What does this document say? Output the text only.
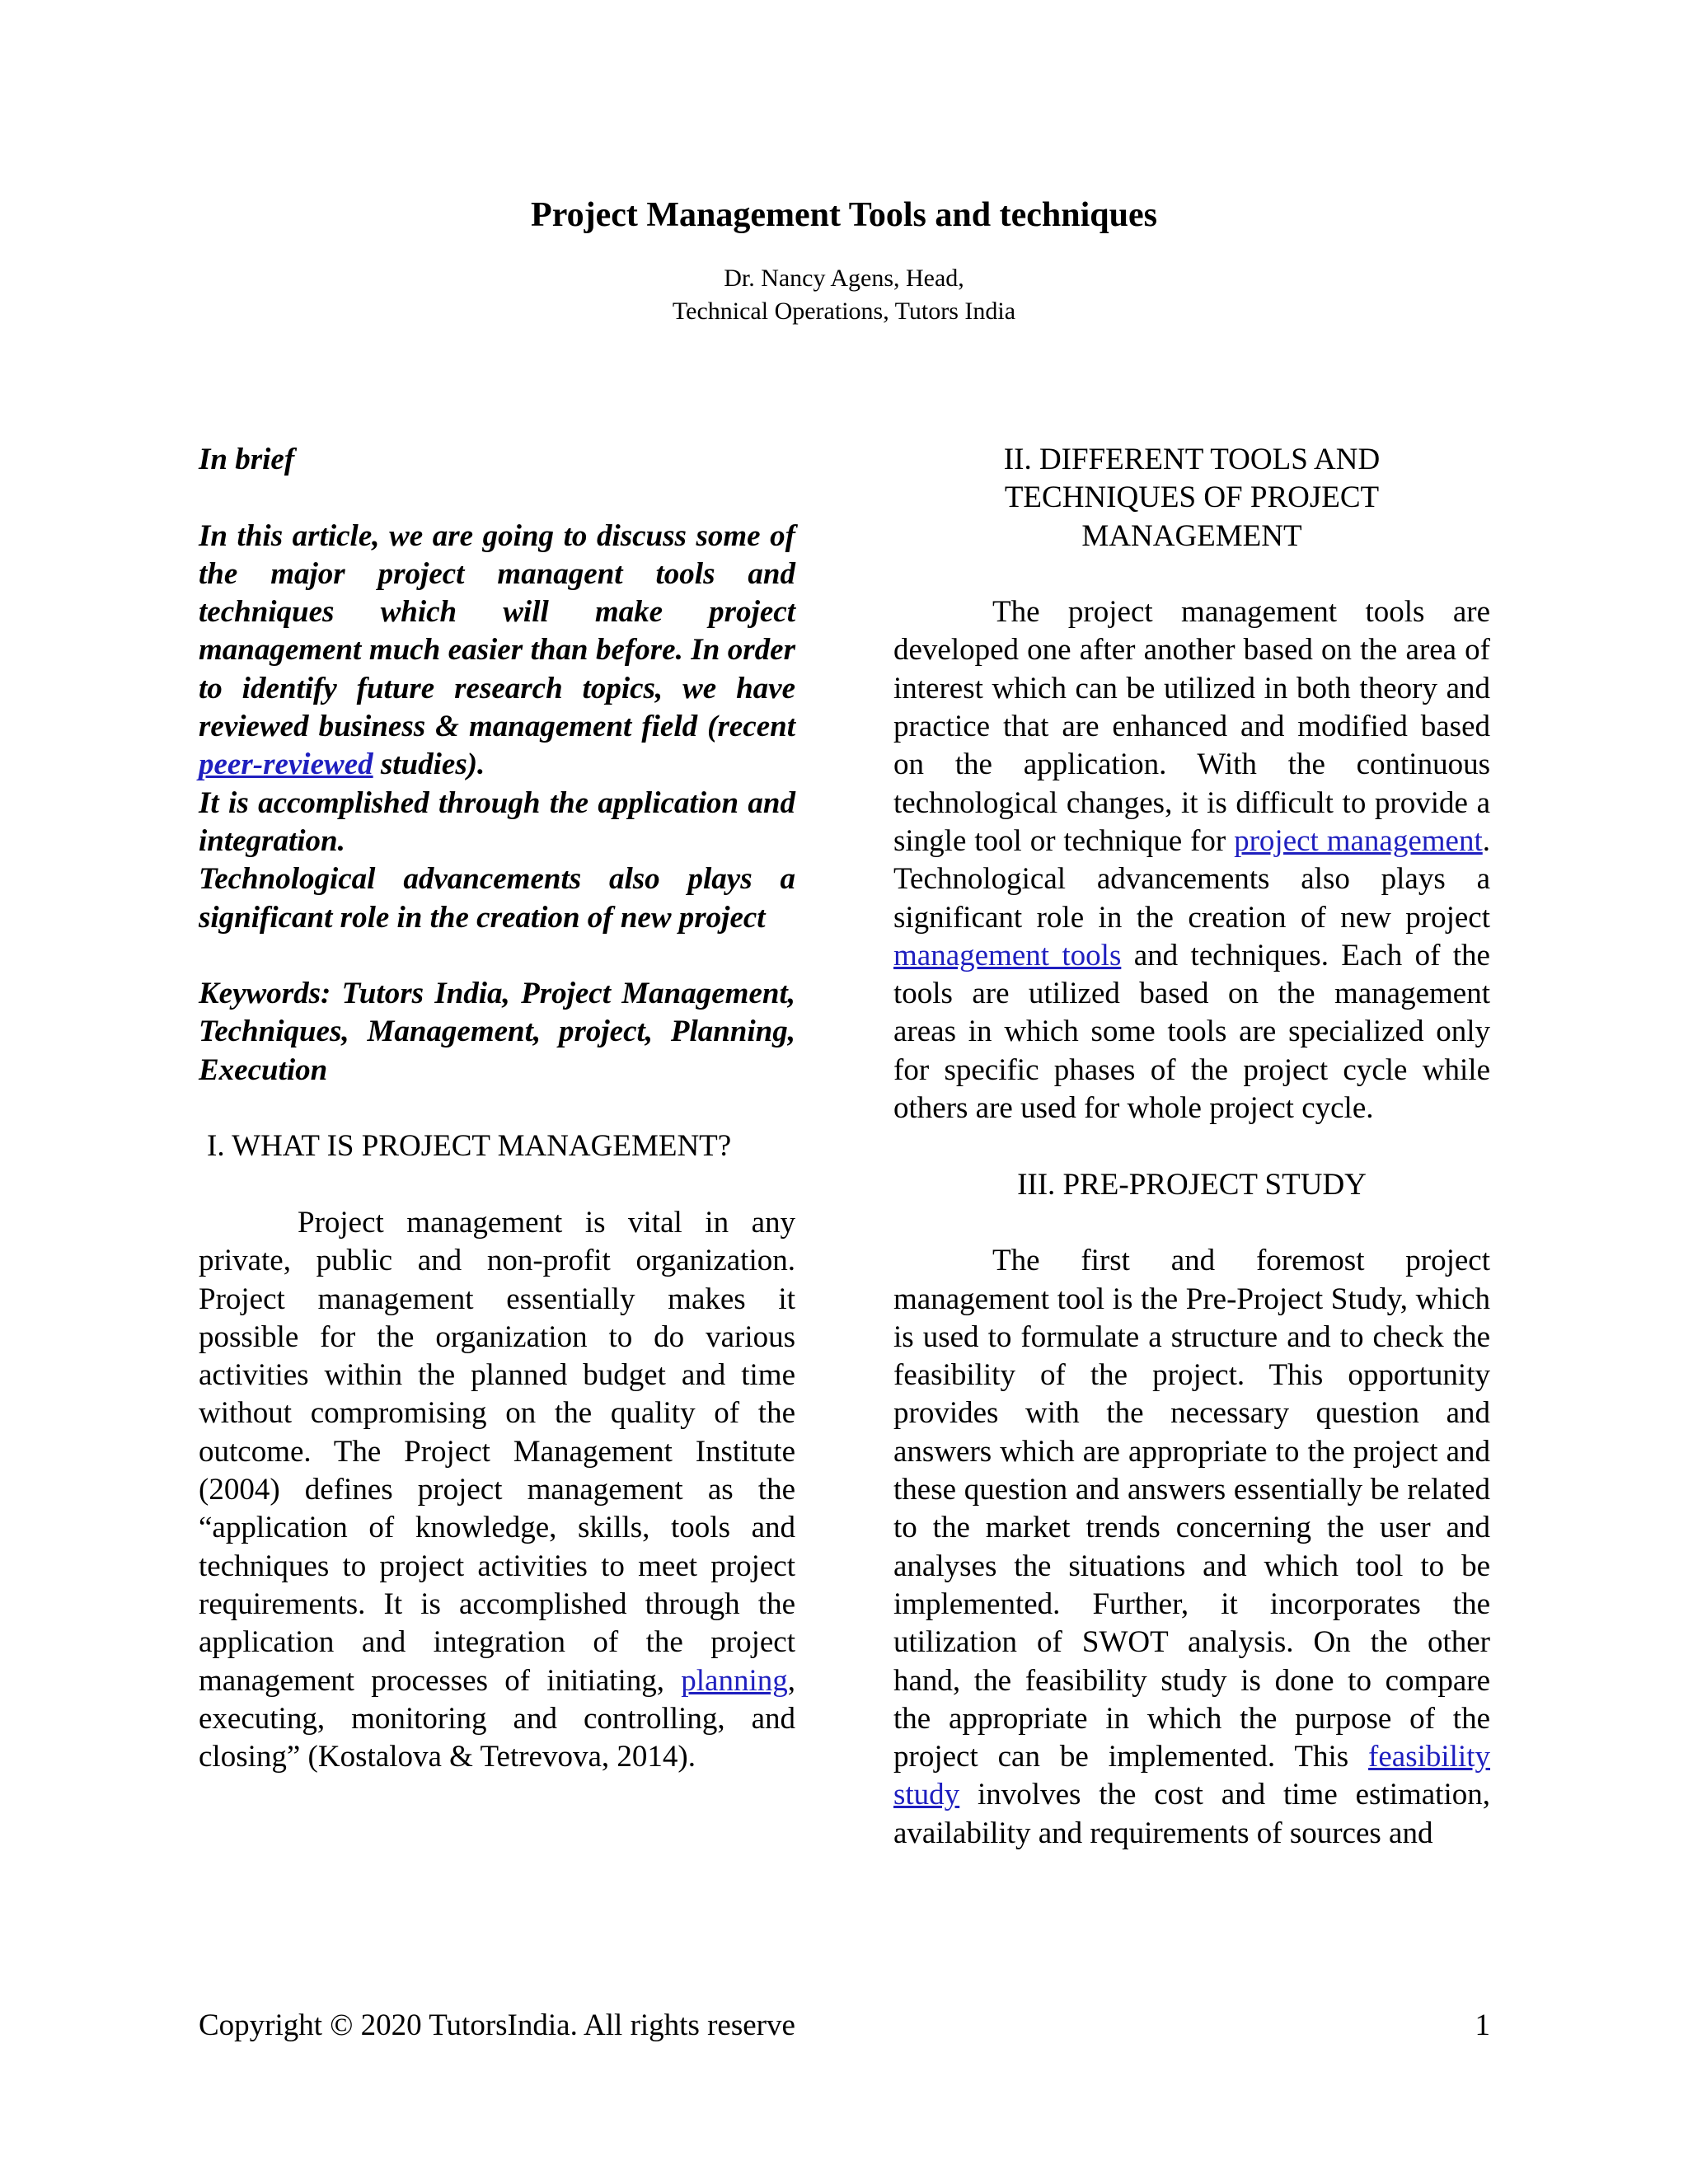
Project Management Tools and techniques
Dr. Nancy Agens, Head,
Technical Operations, Tutors India

In brief

In this article, we are going to discuss some of the major project managent tools and techniques which will make project management much easier than before. In order to identify future research topics, we have reviewed business & management field (recent peer-reviewed studies).

It is accomplished through the application and integration.

Technological advancements also plays a significant role in the creation of new project

Keywords: Tutors India, Project Management, Techniques, Management, project, Planning, Execution

I. WHAT IS PROJECT MANAGEMENT?

Project management is vital in any private, public and non-profit organization. Project management essentially makes it possible for the organization to do various activities within the planned budget and time without compromising on the quality of the outcome. The Project Management Institute (2004) defines project management as the “application of knowledge, skills, tools and techniques to project activities to meet project requirements. It is accomplished through the application and integration of the project management processes of initiating, planning, executing, monitoring and controlling, and closing” (Kostalova & Tetrevova, 2014).

II. DIFFERENT TOOLS AND
TECHNIQUES OF PROJECT
MANAGEMENT

The project management tools are developed one after another based on the area of interest which can be utilized in both theory and practice that are enhanced and modified based on the application. With the continuous technological changes, it is difficult to provide a single tool or technique for project management. Technological advancements also plays a significant role in the creation of new project management tools and techniques. Each of the tools are utilized based on the management areas in which some tools are specialized only for specific phases of the project cycle while others are used for whole project cycle.

III. PRE-PROJECT STUDY

The first and foremost project management tool is the Pre-Project Study, which is used to formulate a structure and to check the feasibility of the project. This opportunity provides with the necessary question and answers which are appropriate to the project and these question and answers essentially be related to the market trends concerning the user and analyses the situations and which tool to be implemented. Further, it incorporates the utilization of SWOT analysis. On the other hand, the feasibility study is done to compare the appropriate in which the purpose of the project can be implemented. This feasibility study involves the cost and time estimation, availability and requirements of sources and

Copyright © 2020 TutorsIndia. All rights reserve	1
